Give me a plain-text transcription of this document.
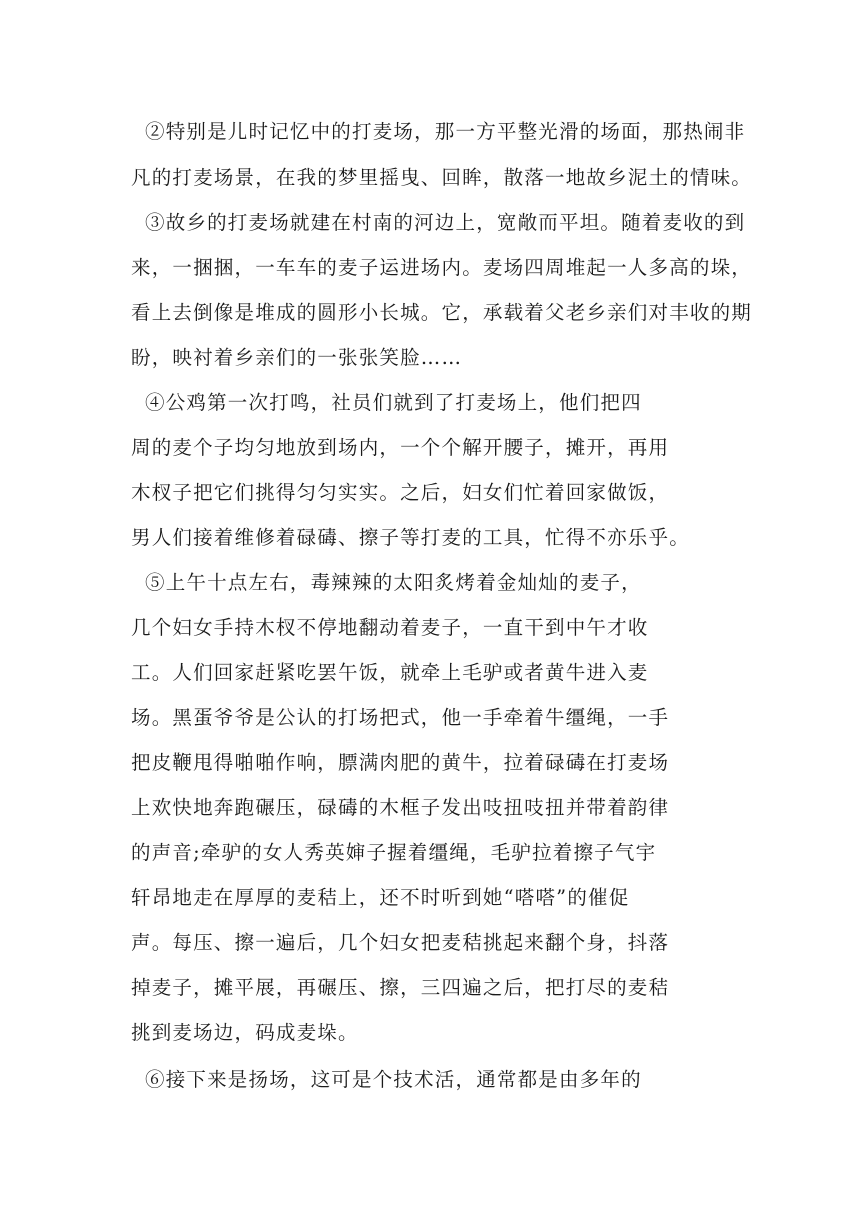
②特别是儿时记忆中的打麦场，那一方平整光滑的场面，那热闹非
凡的打麦场景，在我的梦里摇曳、回眸，散落一地故乡泥土的情味。
③故乡的打麦场就建在村南的河边上，宽敞而平坦。随着麦收的到
来，一捆捆，一车车的麦子运进场内。麦场四周堆起一人多高的垛，
看上去倒像是堆成的圆形小长城。它，承载着父老乡亲们对丰收的期
盼，映衬着乡亲们的一张张笑脸……
④公鸡第一次打鸣，社员们就到了打麦场上，他们把四
周的麦个子均匀地放到场内，一个个解开腰子，摊开，再用
木杈子把它们挑得匀匀实实。之后，妇女们忙着回家做饭，
男人们接着维修着碌碡、擦子等打麦的工具，忙得不亦乐乎。
⑤上午十点左右，毒辣辣的太阳炙烤着金灿灿的麦子，
几个妇女手持木杈不停地翻动着麦子，一直干到中午才收
工。人们回家赶紧吃罢午饭，就牵上毛驴或者黄牛进入麦
场。黑蛋爷爷是公认的打场把式，他一手牵着牛缰绳，一手
把皮鞭甩得啪啪作响，膘满肉肥的黄牛，拉着碌碡在打麦场
上欢快地奔跑碾压，碌碡的木框子发出吱扭吱扭并带着韵律
的声音;牵驴的女人秀英婶子握着缰绳，毛驴拉着擦子气宇
轩昂地走在厚厚的麦秸上，还不时听到她“嗒嗒”的催促
声。每压、擦一遍后，几个妇女把麦秸挑起来翻个身，抖落
掉麦子，摊平展，再碾压、擦，三四遍之后，把打尽的麦秸
挑到麦场边，码成麦垛。
⑥接下来是扬场，这可是个技术活，通常都是由多年的
